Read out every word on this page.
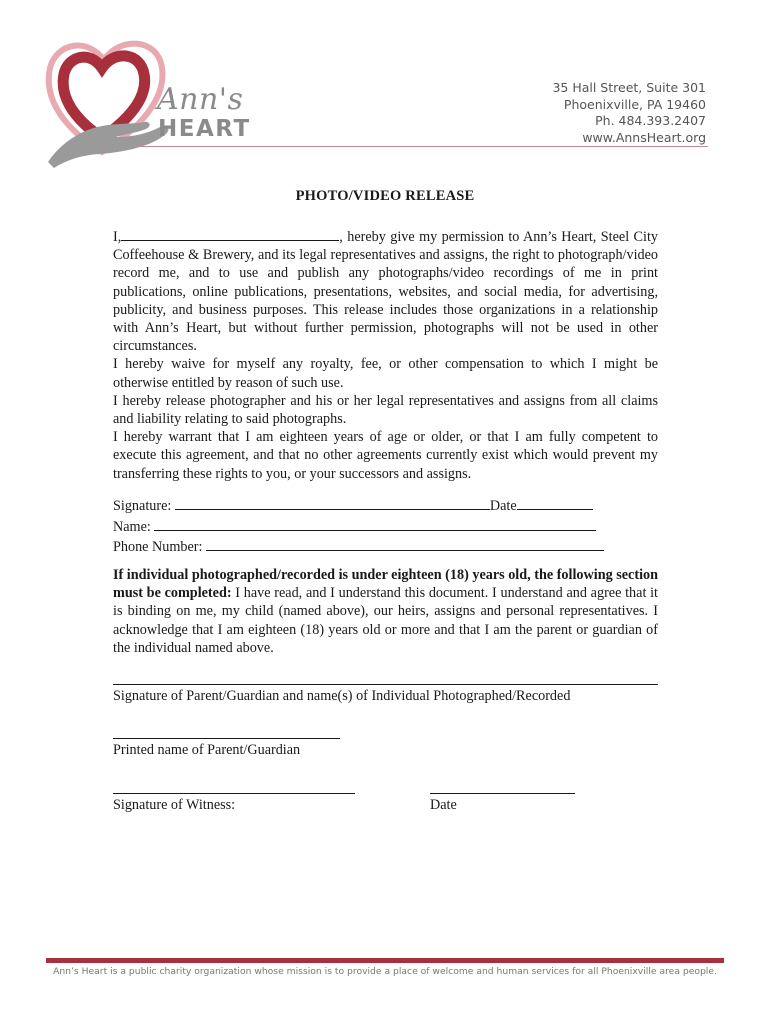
Ann's
HEART
35 Hall Street, Suite 301
Phoenixville, PA 19460
Ph. 484.393.2407
www.AnnsHeart.org
PHOTO/VIDEO RELEASE

I,	, hereby give my permission to Ann’s Heart, Steel City Coffeehouse & Brewery, and its legal representatives and assigns, the right to photograph/video record me, and to use and publish any photographs/video recordings of me in print publications, online publications, presentations, websites, and social media, for advertising, publicity, and business purposes. This release includes those organizations in a relationship with Ann’s Heart, but without further permission, photographs will not be used in other circumstances.

I hereby waive for myself any royalty, fee, or other compensation to which I might be otherwise entitled by reason of such use.

I hereby release photographer and his or her legal representatives and assigns from all claims and liability relating to said photographs.

I hereby warrant that I am eighteen years of age or older, or that I am fully competent to execute this agreement, and that no other agreements currently exist which would prevent my transferring these rights to you, or your successors and assigns.

Signature:	Date
Name:
Phone Number:
If individual photographed/recorded is under eighteen (18) years old, the following section must be completed: I have read, and I understand this document. I understand and agree that it is binding on me, my child (named above), our heirs, assigns and personal representatives. I acknowledge that I am eighteen (18) years old or more and that I am the parent or guardian of the individual named above.
Signature of Parent/Guardian and name(s) of Individual Photographed/Recorded
Printed name of Parent/Guardian
Signature of Witness:	Date
Ann’s Heart is a public charity organization whose mission is to provide a place of welcome and human services for all Phoenixville area people.
